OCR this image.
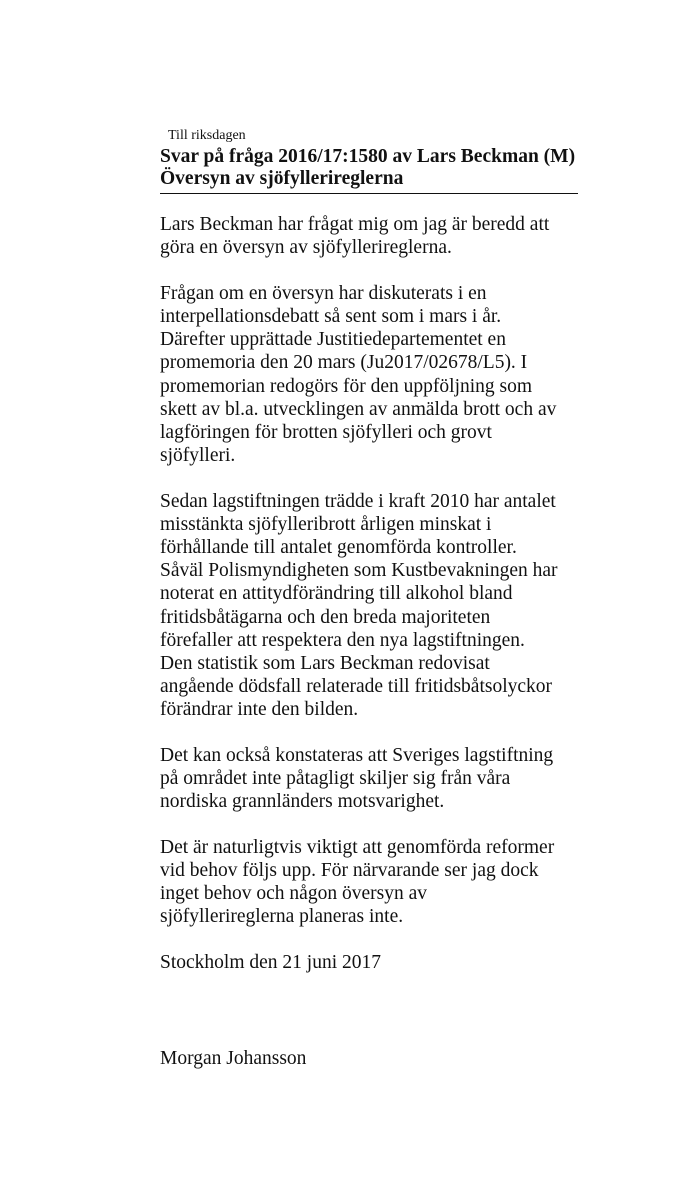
Till riksdagen
Svar på fråga 2016/17:1580 av Lars Beckman (M)
Översyn av sjöfyllerireglerna

Lars Beckman har frågat mig om jag är beredd att
göra en översyn av sjöfyllerireglerna.

Frågan om en översyn har diskuterats i en
interpellationsdebatt så sent som i mars i år.
Därefter upprättade Justitiedepartementet en
promemoria den 20 mars (Ju2017/02678/L5). I
promemorian redogörs för den uppföljning som
skett av bl.a. utvecklingen av anmälda brott och av
lagföringen för brotten sjöfylleri och grovt
sjöfylleri.

Sedan lagstiftningen trädde i kraft 2010 har antalet
misstänkta sjöfylleribrott årligen minskat i
förhållande till antalet genomförda kontroller.
Såväl Polismyndigheten som Kustbevakningen har
noterat en attitydförändring till alkohol bland
fritidsbåtägarna och den breda majoriteten
förefaller att respektera den nya lagstiftningen.
Den statistik som Lars Beckman redovisat
angående dödsfall relaterade till fritidsbåtsolyckor
förändrar inte den bilden.

Det kan också konstateras att Sveriges lagstiftning
på området inte påtagligt skiljer sig från våra
nordiska grannländers motsvarighet.

Det är naturligtvis viktigt att genomförda reformer
vid behov följs upp. För närvarande ser jag dock
inget behov och någon översyn av
sjöfyllerireglerna planeras inte.

Stockholm den 21 juni 2017

Morgan Johansson
